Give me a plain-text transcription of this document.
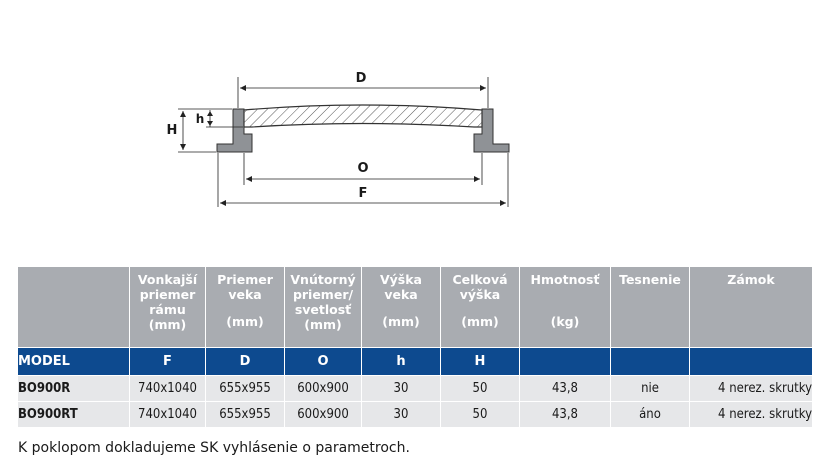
D
H
h
O
F

	Vonkajší
priemer
rámu
(mm)	Priemer
veka
(mm)	Vnútorný
priemer/
svetlosť
(mm)	Výška
veka
(mm)	Celková
výška
(mm)	Hmotnosť
(kg)	Tesnenie	Zámok

MODEL	F	D	O	h	H			
BO900R	740x1040	655x955	600x900	30	50	43,8	nie	4 nerez. skrutky
BO900RT	740x1040	655x955	600x900	30	50	43,8	áno	4 nerez. skrutky
K poklopom dokladujeme SK vyhlásenie o parametroch.
